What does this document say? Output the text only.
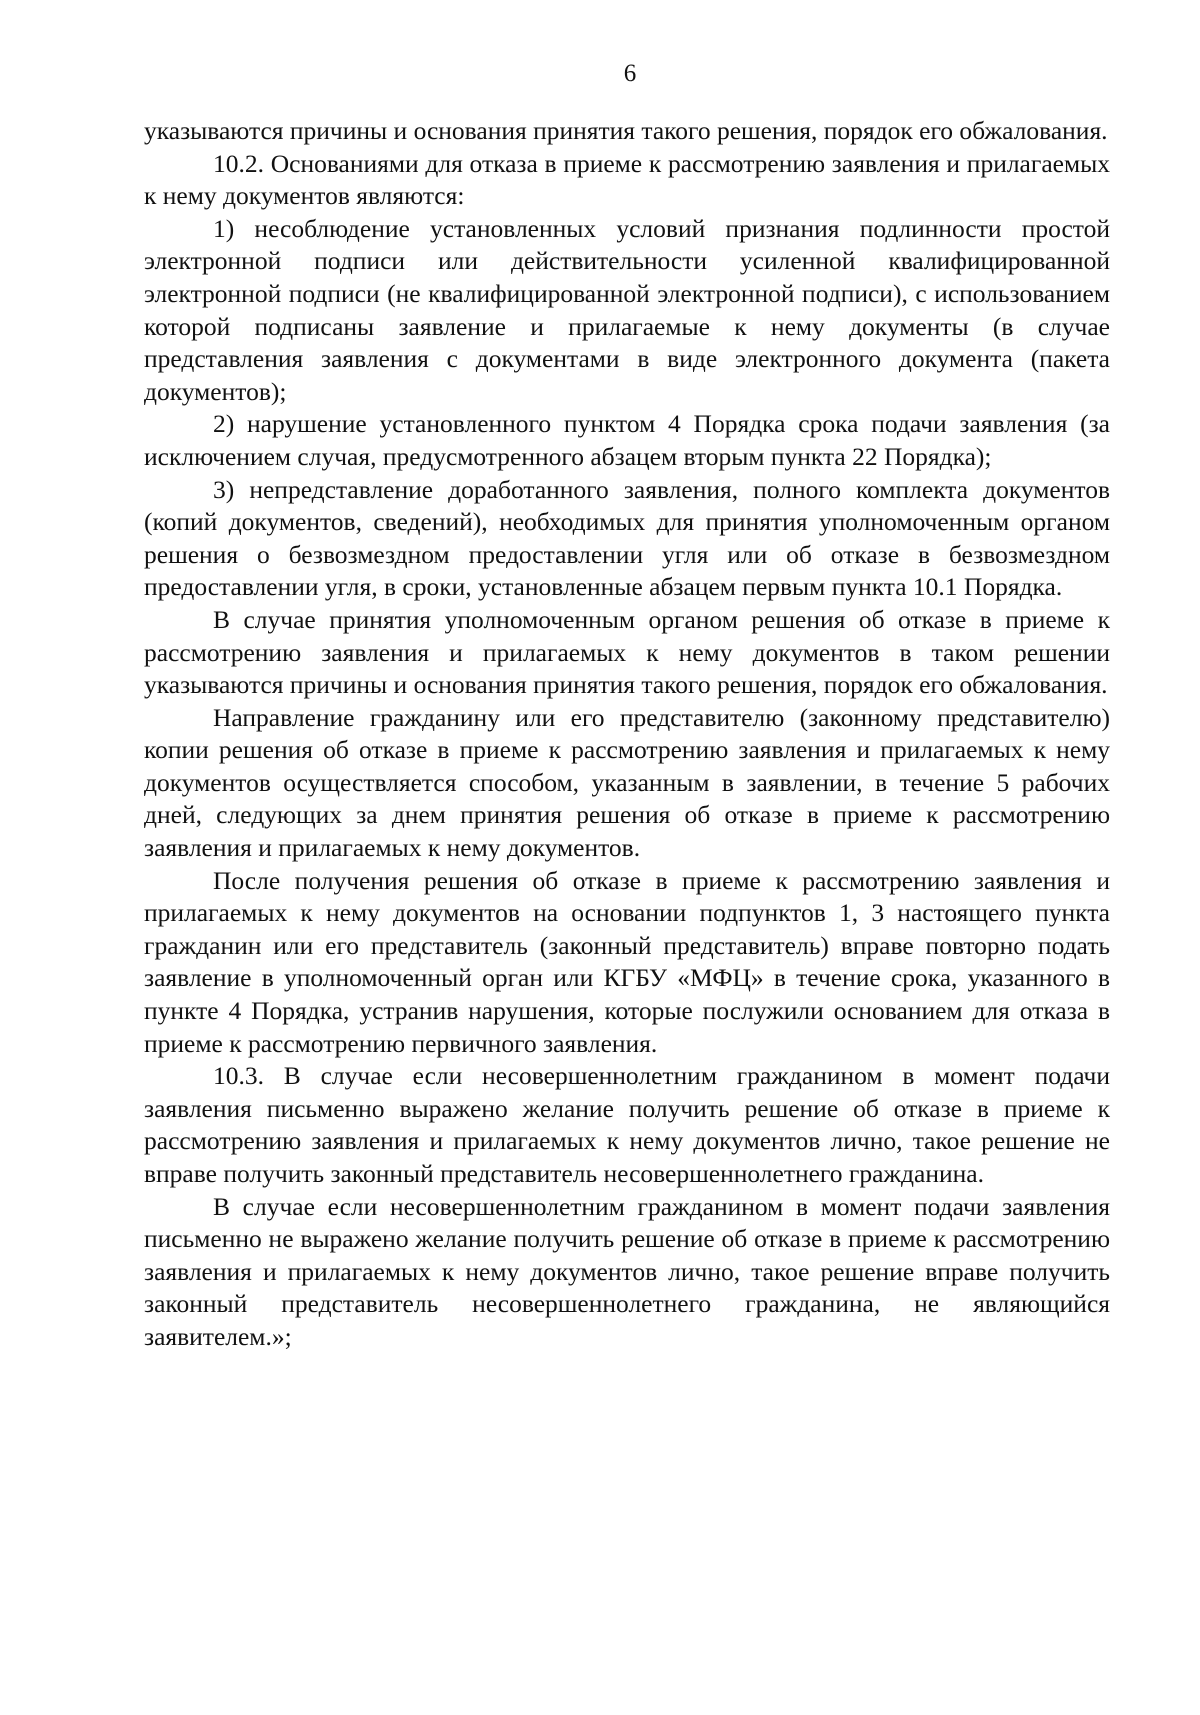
6

указываются причины и основания принятия такого решения, порядок его обжалования.

10.2. Основаниями для отказа в приеме к рассмотрению заявления и прилагаемых к нему документов являются:

1) несоблюдение установленных условий признания подлинности простой электронной подписи или действительности усиленной квалифицированной электронной подписи (не квалифицированной электронной подписи), с использованием которой подписаны заявление и прилагаемые к нему документы (в случае представления заявления с документами в виде электронного документа (пакета документов);

2) нарушение установленного пунктом 4 Порядка срока подачи заявления (за исключением случая, предусмотренного абзацем вторым пункта 22 Порядка);

3) непредставление доработанного заявления, полного комплекта документов (копий документов, сведений), необходимых для принятия уполномоченным органом решения о безвозмездном предоставлении угля или об отказе в безвозмездном предоставлении угля, в сроки, установленные абзацем первым пункта 10.1 Порядка.

В случае принятия уполномоченным органом решения об отказе в приеме к рассмотрению заявления и прилагаемых к нему документов в таком решении указываются причины и основания принятия такого решения, порядок его обжалования.

Направление гражданину или его представителю (законному представителю) копии решения об отказе в приеме к рассмотрению заявления и прилагаемых к нему документов осуществляется способом, указанным в заявлении, в течение 5 рабочих дней, следующих за днем принятия решения об отказе в приеме к рассмотрению заявления и прилагаемых к нему документов.

После получения решения об отказе в приеме к рассмотрению заявления и прилагаемых к нему документов на основании подпунктов 1, 3 настоящего пункта гражданин или его представитель (законный представитель) вправе повторно подать заявление в уполномоченный орган или КГБУ «МФЦ» в течение срока, указанного в пункте 4 Порядка, устранив нарушения, которые послужили основанием для отказа в приеме к рассмотрению первичного заявления.

10.3. В случае если несовершеннолетним гражданином в момент подачи заявления письменно выражено желание получить решение об отказе в приеме к рассмотрению заявления и прилагаемых к нему документов лично, такое решение не вправе получить законный представитель несовершеннолетнего гражданина.

В случае если несовершеннолетним гражданином в момент подачи заявления письменно не выражено желание получить решение об отказе в приеме к рассмотрению заявления и прилагаемых к нему документов лично, такое решение вправе получить законный представитель несовершеннолетнего гражданина, не являющийся заявителем.»;
